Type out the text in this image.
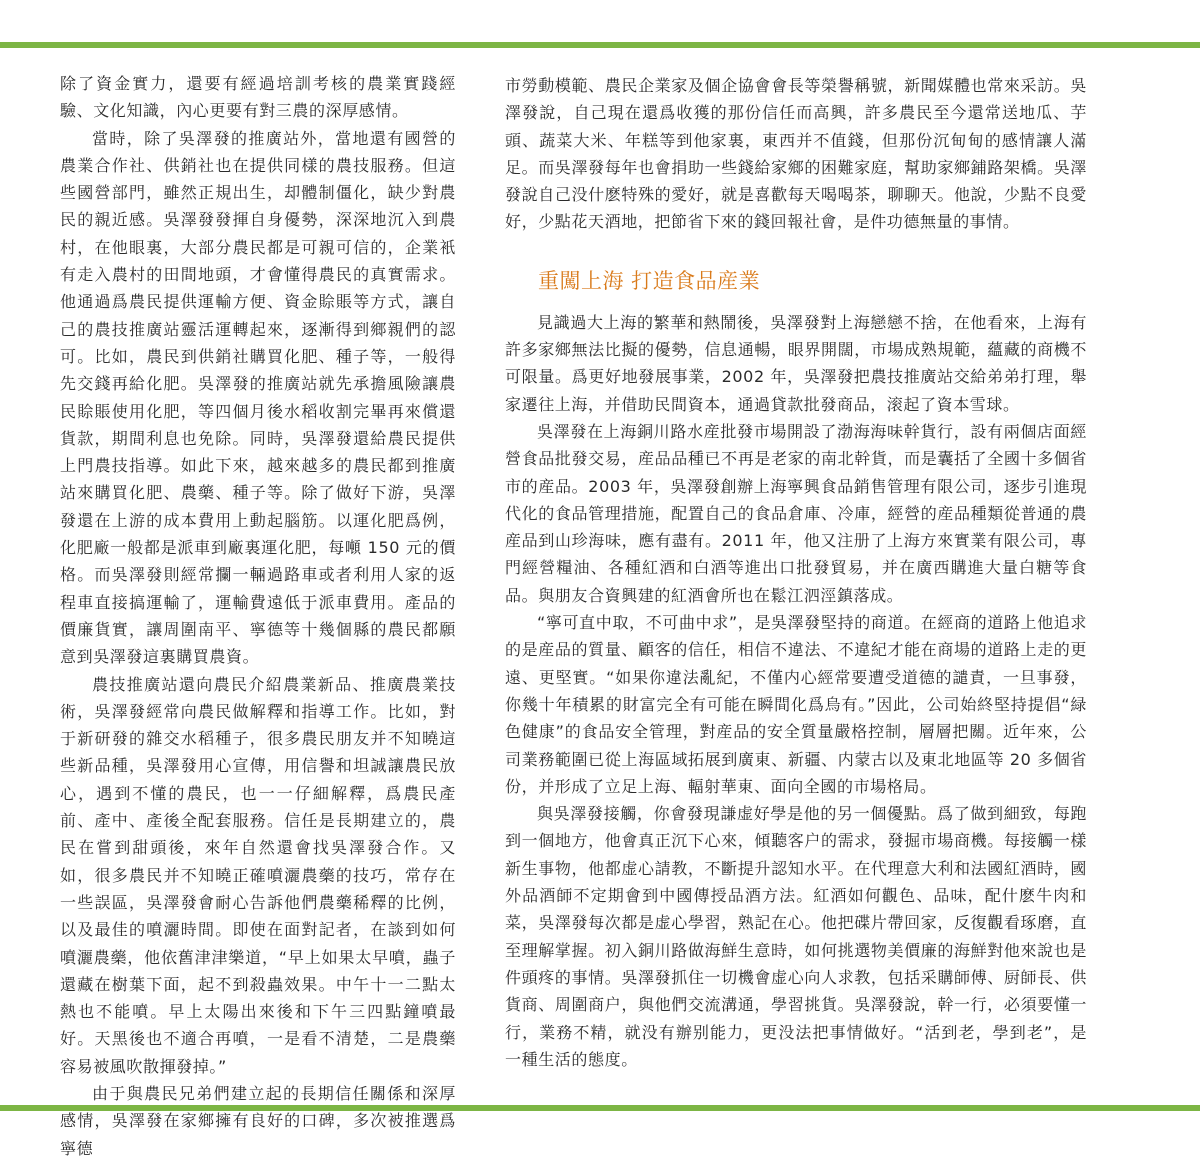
除了資金實力，還要有經過培訓考核的農業實踐經驗、文化知識，內心更要有對三農的深厚感情。

當時，除了吳澤發的推廣站外，當地還有國營的農業合作社、供銷社也在提供同樣的農技服務。但這些國營部門，雖然正規出生，却體制僵化，缺少對農民的親近感。吳澤發發揮自身優勢，深深地沉入到農村，在他眼裏，大部分農民都是可親可信的，企業衹有走入農村的田間地頭，才會懂得農民的真實需求。他通過爲農民提供運輸方便、資金賒賬等方式，讓自己的農技推廣站靈活運轉起來，逐漸得到鄉親們的認可。比如，農民到供銷社購買化肥、種子等，一般得先交錢再給化肥。吳澤發的推廣站就先承擔風險讓農民賒賬使用化肥，等四個月後水稻收割完畢再來償還貨款，期間利息也免除。同時，吳澤發還給農民提供上門農技指導。如此下來，越來越多的農民都到推廣站來購買化肥、農藥、種子等。除了做好下游，吳澤發還在上游的成本費用上動起腦筋。以運化肥爲例，化肥廠一般都是派車到廠裏運化肥，每噸 150 元的價格。而吳澤發則經常攔一輛過路車或者利用人家的返程車直接搞運輸了，運輸費遠低于派車費用。產品的價廉貨實，讓周圍南平、寧德等十幾個縣的農民都願意到吳澤發這裏購買農資。

農技推廣站還向農民介紹農業新品、推廣農業技術，吳澤發經常向農民做解釋和指導工作。比如，對于新研發的雜交水稻種子，很多農民朋友并不知曉這些新品種，吳澤發用心宣傳，用信譽和坦誠讓農民放心，遇到不懂的農民，也一一仔細解釋，爲農民產前、產中、產後全配套服務。信任是長期建立的，農民在嘗到甜頭後，來年自然還會找吳澤發合作。又如，很多農民并不知曉正確噴灑農藥的技巧，常存在一些誤區，吳澤發會耐心告訴他們農藥稀釋的比例，以及最佳的噴灑時間。即使在面對記者，在談到如何噴灑農藥，他依舊津津樂道，“早上如果太早噴，蟲子還藏在樹葉下面，起不到殺蟲效果。中午十一二點太熱也不能噴。早上太陽出來後和下午三四點鐘噴最好。天黑後也不適合再噴，一是看不清楚，二是農藥容易被風吹散揮發掉。”

由于與農民兄弟們建立起的長期信任關係和深厚感情，吳澤發在家鄉擁有良好的口碑，多次被推選爲寧德

市勞動模範、農民企業家及個企協會會長等榮譽稱號，新聞媒體也常來采訪。吳澤發說，自己現在還爲收獲的那份信任而高興，許多農民至今還常送地瓜、芋頭、蔬菜大米、年糕等到他家裏，東西并不值錢，但那份沉甸甸的感情讓人滿足。而吳澤發每年也會捐助一些錢給家鄉的困難家庭，幫助家鄉鋪路架橋。吳澤發說自己没什麽特殊的愛好，就是喜歡每天喝喝茶，聊聊天。他說，少點不良愛好，少點花天酒地，把節省下來的錢回報社會，是件功德無量的事情。

重闖上海 打造食品産業

見識過大上海的繁華和熱鬧後，吳澤發對上海戀戀不捨，在他看來，上海有許多家鄉無法比擬的優勢，信息通暢，眼界開闊，市場成熟規範，蘊藏的商機不可限量。爲更好地發展事業，2002 年，吳澤發把農技推廣站交給弟弟打理，舉家遷往上海，并借助民間資本，通過貸款批發商品，滚起了資本雪球。

吳澤發在上海銅川路水産批發市場開設了渤海海味幹貨行，設有兩個店面經營食品批發交易，産品品種已不再是老家的南北幹貨，而是囊括了全國十多個省市的産品。2003 年，吳澤發創辦上海寧興食品銷售管理有限公司，逐步引進現代化的食品管理措施，配置自己的食品倉庫、冷庫，經營的産品種類從普通的農産品到山珍海味，應有盡有。2011 年，他又注册了上海方來實業有限公司，專門經營糧油、各種紅酒和白酒等進出口批發貿易，并在廣西購進大量白糖等食品。與朋友合資興建的紅酒會所也在鬆江泗涇鎮落成。

“寧可直中取，不可曲中求”，是吳澤發堅持的商道。在經商的道路上他追求的是産品的質量、顧客的信任，相信不違法、不違紀才能在商場的道路上走的更遠、更堅實。“如果你違法亂紀，不僅内心經常要遭受道德的譴責，一旦事發，你幾十年積累的財富完全有可能在瞬間化爲烏有。”因此，公司始終堅持提倡“緑色健康”的食品安全管理，對産品的安全質量嚴格控制，層層把關。近年來，公司業務範圍已從上海區域拓展到廣東、新疆、内蒙古以及東北地區等 20 多個省份，并形成了立足上海、輻射華東、面向全國的市場格局。

與吳澤發接觸，你會發現謙虚好學是他的另一個優點。爲了做到細致，每跑到一個地方，他會真正沉下心來，傾聽客户的需求，發掘市場商機。每接觸一樣新生事物，他都虚心請教，不斷提升認知水平。在代理意大利和法國紅酒時，國外品酒師不定期會到中國傳授品酒方法。紅酒如何觀色、品味，配什麽牛肉和菜，吳澤發每次都是虚心學習，熟記在心。他把碟片帶回家，反復觀看琢磨，直至理解掌握。初入銅川路做海鮮生意時，如何挑選物美價廉的海鮮對他來說也是件頭疼的事情。吳澤發抓住一切機會虚心向人求教，包括采購師傅、厨師長、供貨商、周圍商户，與他們交流溝通，學習挑貨。吳澤發說，幹一行，必須要懂一行，業務不精，就没有辦别能力，更没法把事情做好。“活到老，學到老”，是一種生活的態度。
